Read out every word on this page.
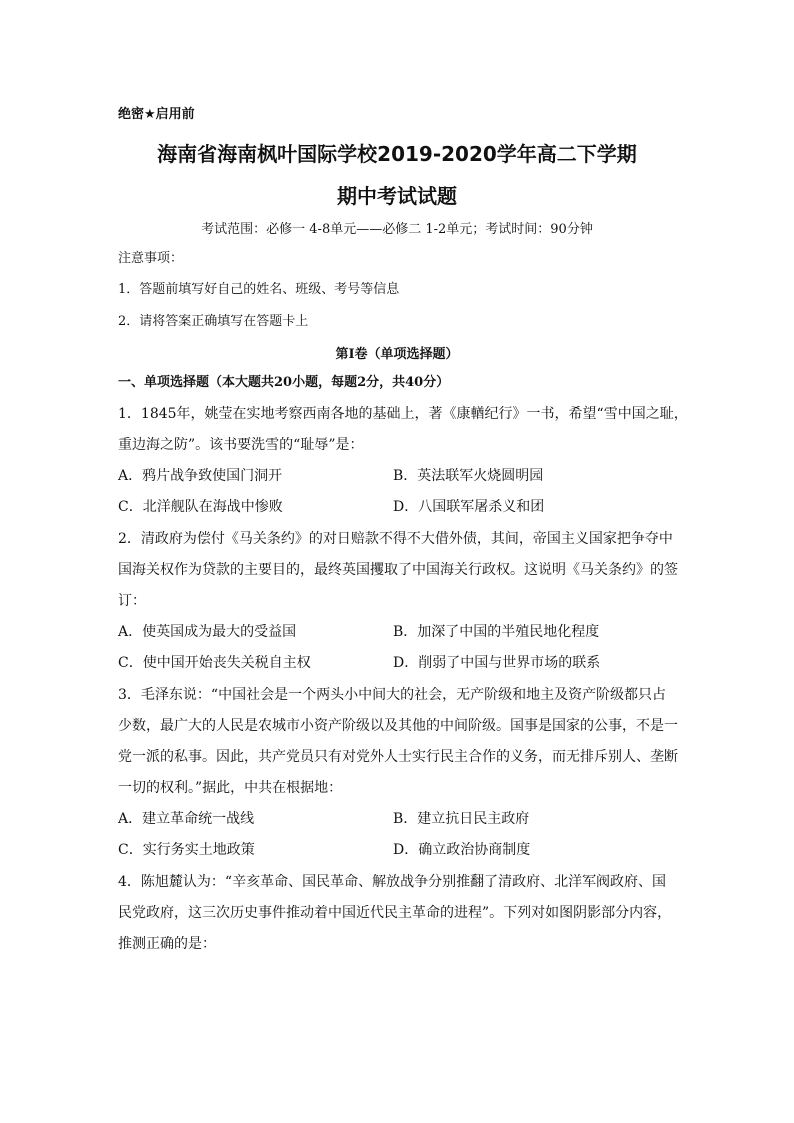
绝密★启用前
海南省海南枫叶国际学校2019-2020学年高二下学期
期中考试试题
考试范围：必修一 4-8单元——必修二 1-2单元；考试时间：90分钟
注意事项：
1．答题前填写好自己的姓名、班级、考号等信息
2．请将答案正确填写在答题卡上
第I卷（单项选择题）
一、单项选择题（本大题共20小题，每题2分，共40分）
1．1845年，姚莹在实地考察西南各地的基础上，著《康輶纪行》一书，希望“雪中国之耻，
重边海之防”。该书要洗雪的“耻辱”是：
A．鸦片战争致使国门洞开	B．英法联军火烧圆明园
C．北洋舰队在海战中惨败	D．八国联军屠杀义和团
2．清政府为偿付《马关条约》的对日赔款不得不大借外债，其间，帝国主义国家把争夺中
国海关权作为贷款的主要目的，最终英国攫取了中国海关行政权。这说明《马关条约》的签
订：
A．使英国成为最大的受益国	B．加深了中国的半殖民地化程度
C．使中国开始丧失关税自主权	D．削弱了中国与世界市场的联系
3．毛泽东说：“中国社会是一个两头小中间大的社会，无产阶级和地主及资产阶级都只占
少数，最广大的人民是农城市小资产阶级以及其他的中间阶级。国事是国家的公事，不是一
党一派的私事。因此，共产党员只有对党外人士实行民主合作的义务，而无排斥别人、垄断
一切的权利。”据此，中共在根据地：
A．建立革命统一战线	B．建立抗日民主政府
C．实行务实土地政策	D．确立政治协商制度
4．陈旭麓认为：“辛亥革命、国民革命、解放战争分别推翻了清政府、北洋军阀政府、国
民党政府，这三次历史事件推动着中国近代民主革命的进程”。下列对如图阴影部分内容，
推测正确的是：
